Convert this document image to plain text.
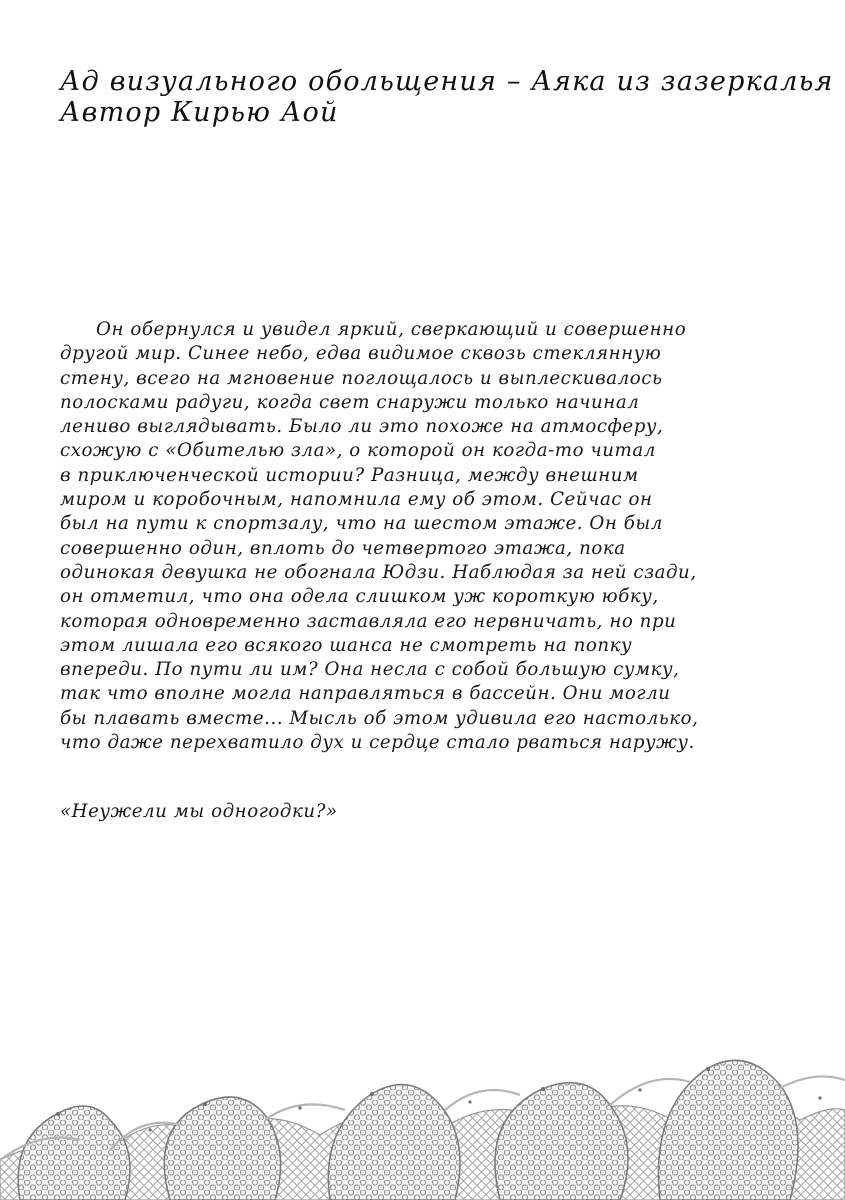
Ад визуального обольщения – Аяка из зазеркалья
Автор Кирью Аой
Он обернулся и увидел яркий, сверкающий и совершенно
другой мир. Синее небо, едва видимое сквозь стеклянную
стену, всего на мгновение поглощалось и выплескивалось
полосками радуги, когда свет снаружи только начинал
лениво выглядывать. Было ли это похоже на атмосферу,
схожую с «Обителью зла», о которой он когда-то читал
в приключенческой истории? Разница, между внешним
миром и коробочным, напомнила ему об этом. Сейчас он
был на пути к спортзалу, что на шестом этаже. Он был
совершенно один, вплоть до четвертого этажа, пока
одинокая девушка не обогнала Юдзи. Наблюдая за ней сзади,
он отметил, что она одела слишком уж короткую юбку,
которая одновременно заставляла его нервничать, но при
этом лишала его всякого шанса не смотреть на попку
впереди. По пути ли им? Она несла с собой большую сумку,
так что вполне могла направляться в бассейн. Они могли
бы плавать вместе... Мысль об этом удивила его настолько,
что даже перехватило дух и сердце стало рваться наружу.
«Неужели мы одногодки?»
